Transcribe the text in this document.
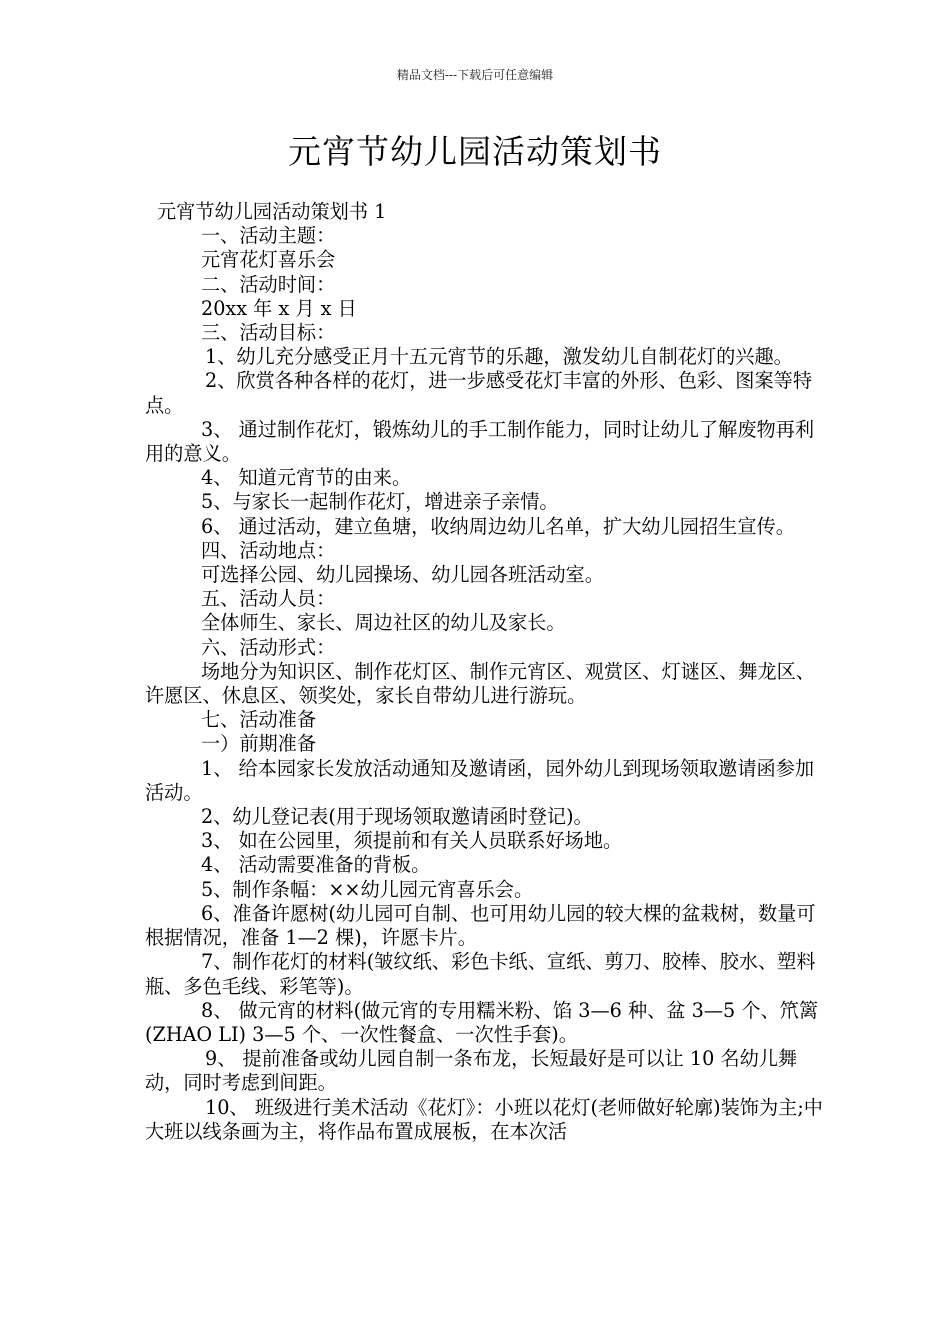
精品文档---下载后可任意编辑
元宵节幼儿园活动策划书

元宵节幼儿园活动策划书 1

一、活动主题：

元宵花灯喜乐会

二、活动时间：

20xx 年 x 月 x 日

三、活动目标：

1、幼儿充分感受正月十五元宵节的乐趣，激发幼儿自制花灯的兴趣。

2、欣赏各种各样的花灯，进一步感受花灯丰富的外形、色彩、图案等特点。

3、 通过制作花灯，锻炼幼儿的手工制作能力，同时让幼儿了解废物再利用的意义。

4、 知道元宵节的由来。

5、与家长一起制作花灯，增进亲子亲情。

6、 通过活动，建立鱼塘，收纳周边幼儿名单，扩大幼儿园招生宣传。

四、活动地点：

可选择公园、幼儿园操场、幼儿园各班活动室。

五、活动人员：

全体师生、家长、周边社区的幼儿及家长。

六、活动形式：

场地分为知识区、制作花灯区、制作元宵区、观赏区、灯谜区、舞龙区、许愿区、休息区、领奖处，家长自带幼儿进行游玩。

七、活动准备

一）前期准备

1、 给本园家长发放活动通知及邀请函，园外幼儿到现场领取邀请函参加活动。

2、幼儿登记表(用于现场领取邀请函时登记)。

3、 如在公园里，须提前和有关人员联系好场地。

4、 活动需要准备的背板。

5、制作条幅：××幼儿园元宵喜乐会。

6、准备许愿树(幼儿园可自制、也可用幼儿园的较大棵的盆栽树，数量可根据情况，准备 1—2 棵)，许愿卡片。

7、制作花灯的材料(皱纹纸、彩色卡纸、宣纸、剪刀、胶棒、胶水、塑料瓶、多色毛线、彩笔等)。

8、 做元宵的材料(做元宵的专用糯米粉、馅 3—6 种、盆 3—5 个、笊篱(ZHAO LI) 3—5 个、一次性餐盒、一次性手套)。

9、 提前准备或幼儿园自制一条布龙，长短最好是可以让 10 名幼儿舞动，同时考虑到间距。

10、 班级进行美术活动《花灯》：小班以花灯(老师做好轮廓)装饰为主;中大班以线条画为主，将作品布置成展板，在本次活
